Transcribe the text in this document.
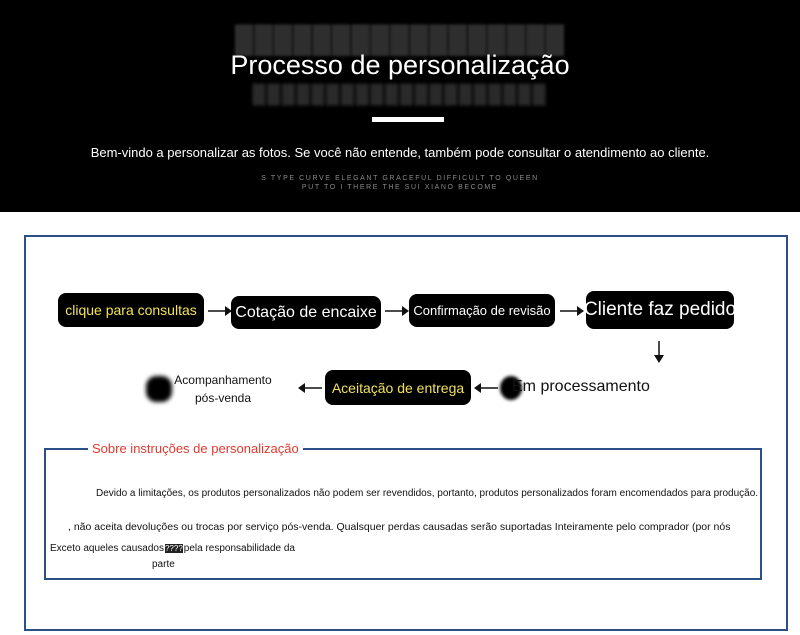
█████████████████
████████████████████
Processo de personalização
Bem-vindo a personalizar as fotos. Se você não entende, também pode consultar o atendimento ao cliente.
S TYPE CURVE ELEGANT GRACEFUL DIFFICULT TO QUEEN
PUT TO I THERE THE SUI XIANO BECOME
clique para consultas	Cotação de encaixe	Confirmação de revisão Cliente faz pedido
Em processamento
Aceitação de entrega
Acompanhamento
pós-venda
Sobre instruções de personalização
Devido a limitações, os produtos personalizados não podem ser revendidos, portanto, produtos personalizados foram encomendados para produção.
, não aceita devoluções ou trocas por serviço pós-venda. Qualsquer perdas causadas serão suportadas Inteiramente pelo comprador (por nós
Exceto aqueles causados????pela responsabilidade da
parte
